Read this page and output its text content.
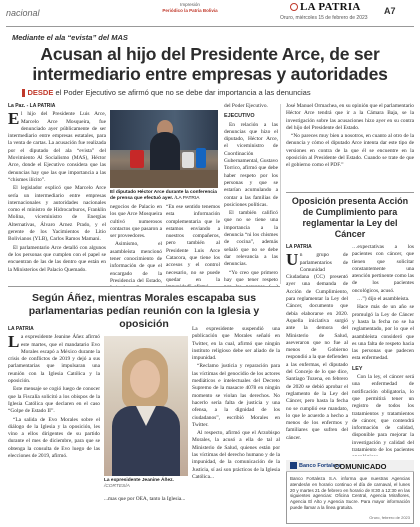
nacional
Impresión
Periódico la Patria Bolivia	LA PATRIA	A7
Oruro, miércoles 15 de febrero de 2023
Mediante el ala “evista” del MAS
Acusan al hijo del Presidente Arce, de ser intermediario entre empresas y autoridades
DESDE el Poder Ejecutivo se afirmó que no se debe dar importancia a las denuncias
La Paz. - LA PATRIA

El hijo del Presidente Luis Arce, Marcelo Arce Mosqueira, fue denunciado ayer públicamente de ser intermediario entre empresas estatales, para la venta de cartas. La acusación fue realizada por el diputado del ala “evista” del Movimiento Al Socialismo (MAS), Héctor Arce, donde el Ejecutivo considera que las denuncias hay que las que importancia a las “chismes ilícito”.

El legislador explicó que Marcelo Arce sería un intermediario entre empresas internacionales y autoridades nacionales como el ministro de Hidrocarburos, Franklin Molina, viceministro de Energías Alternativas, Álvaro Arnez Prado, y el gerente de los Yacimientos de Litio Bolivianos (YLB), Carlos Ramos Mamani.

El parlamentario Arce detalló con algunos de los personas que cumplen con el papel se encuentran de las de las dentro que están en la Ministerios del Palacio Quemado.

El diputado Héctor Arce durante la conferencia de prensa que efectuó ayer. /LA PATRIA

negocios de Palacio en los que Arce Mosqueira cultivó numerosos contactos que pasaron a ser proveedores.

Asimismo, el asambleísta mencionó tener conocimiento de información de que el encargado de la Presidencia del Estado,

“En ese sentido tenemos esta información complementaria que le estamos enviando a nuestros compañeros, pero también al Presidente Luis Arce Catacora, que tiene los accesos y el control necesario, no se puede quedar en la

del Poder Ejecutivo.

EJECUTIVO

En relación a las denuncias que hizo el diputado, Héctor Arce, el viceministro de Coordinación Gubernamental, Gustavo Torrico, afirmó que debe haber respeto por los personas y que se estarían acumulando a contar a las familias de posiciones políticas.

El también calificó que no se tiene una importancia a la denuncia “ni los chismes de cocina”, además señaló que no se debe dar relevancia a las denuncias.

“Yo creo que primero hay que tener respeto

José Manuel Ormachea, en su opinión que el parlamentario Héctor Arce tendrá que ir a la Cámara Baja, se la investigación sobre las acusaciones hizo ayer en su contra del hijo del Presidente del Estado.

“No pareces muy bien a nosotros, en cuanto al otro de la denuncia y cómo el diputado Arce intenta dar este tipo de versiones en contra de la que él se encuentre en la oposición al Presidente del Estado. Cuando se trate de que el gobierno como el PDF.”

Oposición presenta Acción de Cumplimiento para reglamentar la Ley del Cáncer
LA PATRIA

Un grupo de parlamentarios de Comunidad Ciudadana (CC) presentó ayer una demanda de Acción de Cumplimiento, para reglamentar la Ley del Cáncer, documento que debía elaborarse en 2020. Aquella iniciativa surgió ante la demora del Ministerio de Salud, aseveraron que no fue al menos de Gobierno respondió a la que defienden a las enfermas, el diputado del Concejo de lo que dice, Santiago Tozena, en febrero de 2020 se debió aprobar el reglamento de la Ley del Cáncer, pero hasta la fecha no se cumplió ese mandato, lo que le acuerdo a hecho a menos de los enfermos y familiares que sufren del cáncer.

…expectativas a los pacientes con cáncer, que tienen que solicitar constantemente una atención pertinente como las de los pacientes oncológicos, acusó.

…”) dijo el asambleísta.

Hace más de un año se promulgó la Ley de Cáncer y hasta la fecha no se ha reglamentado, por lo que el asambleísta consideró que es una falta de respeto hacia las personas que padecen esta enfermedad.

LEY

Con la ley, el cáncer será una enfermedad de notificación obligatoria, lo que permitirá tener un registro de todos los tratamientos y tratamientos de cáncer, que contendrá información de calidad, disponible para mejorar la investigación y calidad del tratamiento de los pacientes

Según Áñez, mientras Morales escapaba sus parlamentarias pedían reunión con la Iglesia y oposición
LA PATRIA

La expresidente Jeanine Áñez afirmó este martes, que el mandatario Evo Morales escapó a México durante la crisis de conflictos de 2019 y dejó a sus parlamentarias que impulsaran una reunión con la Iglesia Católica y la oposición.

Este mensaje se cogió luego de conocer que la Fiscalía solicitó a los obispos de la Iglesia Católica que declaren en el caso “Golpe de Estado II”.

“La salida de Evo Morales sobre el diálogo de la Iglesia y la oposición, les vino a ellos dirigentes de su partido durante el mes de diciembre, para que se obtenga la consulta de Evo luego de las elecciones de 2019, afirmó.

La expresidente Jeanine Áñez. /CORTESÍA

...mas que por OEA, tanto la Iglesia...

La expresidente suspendió una publicación que Morales señaló en Twitter, en la cual, afirmó que ningún instituto religioso debe ser aliado de la impunidad.

“Reclamo justicia y reparación para las víctimas del genocidio de los actores mediáticos e intelectuales del Decreto Supremo de la masacre 4078 en ningún momento se violan las derechos. No hacerlo sería falta de justicia y una ofensa, a la dignidad de los ciudadanos”, escribió Morales en Twitter.

Al respecto, afirmó que el Arzobispo Morales, la acusó a ella de tal al Ministerio de Salud, quienes están por las víctimas del derecho humano y de la impunidad, de la comunicación de la Justicia, sí así son prácticos de la Iglesia Católica...

Banco Fortaleza
COMUNICADO
Banco Fortaleza S.A. informa que nuestras Agencias atenderán en horario continuo el día de carnaval, el lunes 20 y martes 21 de febrero en horario de 8:30 a 12:30 en las siguientes agencias: Oficina Central, Agencia Miraflores, Agencia El Alto y Agencia Sucre. Para mayor información puede llamar a la línea gratuita.
Oruro, febrero de 2023
